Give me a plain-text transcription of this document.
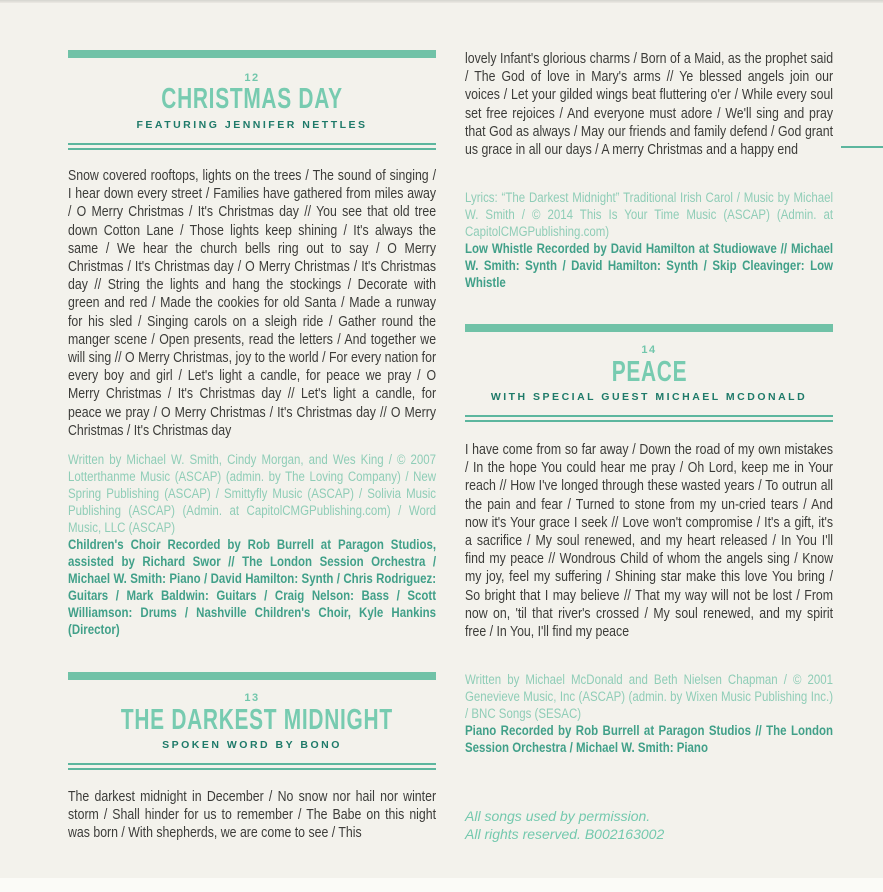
12
CHRISTMAS DAY
FEATURING JENNIFER NETTLES
Snow covered rooftops, lights on the trees / The sound of singing / I hear down every street / Families have gathered from miles away / O Merry Christmas / It's Christmas day // You see that old tree down Cotton Lane / Those lights keep shining / It's always the same / We hear the church bells ring out to say / O Merry Christmas / It's Christmas day / O Merry Christmas / It's Christmas day // String the lights and hang the stockings / Decorate with green and red / Made the cookies for old Santa / Made a runway for his sled / Singing carols on a sleigh ride / Gather round the manger scene / Open presents, read the letters / And together we will sing // O Merry Christmas, joy to the world / For every nation for every boy and girl / Let's light a candle, for peace we pray / O Merry Christmas / It's Christmas day // Let's light a candle, for peace we pray / O Merry Christmas / It's Christmas day // O Merry Christmas / It's Christmas day
Written by Michael W. Smith, Cindy Morgan, and Wes King / © 2007 Lotterthanme Music (ASCAP) (admin. by The Loving Company) / New Spring Publishing (ASCAP) / Smittyfly Music (ASCAP) / Solivia Music Publishing (ASCAP) (Admin. at CapitolCMGPublishing.com) / Word Music, LLC (ASCAP)
Children's Choir Recorded by Rob Burrell at Paragon Studios, assisted by Richard Swor // The London Session Orchestra / Michael W. Smith: Piano / David Hamilton: Synth / Chris Rodriguez: Guitars / Mark Baldwin: Guitars / Craig Nelson: Bass / Scott Williamson: Drums / Nashville Children's Choir, Kyle Hankins (Director)
13
THE DARKEST MIDNIGHT
SPOKEN WORD BY BONO
The darkest midnight in December / No snow nor hail nor winter storm / Shall hinder for us to remember / The Babe on this night was born / With shepherds, we are come to see / This
lovely Infant's glorious charms / Born of a Maid, as the prophet said / The God of love in Mary's arms // Ye blessed angels join our voices / Let your gilded wings beat fluttering o'er / While every soul set free rejoices / And everyone must adore / We'll sing and pray that God as always / May our friends and family defend / God grant us grace in all our days / A merry Christmas and a happy end
Lyrics: “The Darkest Midnight” Traditional Irish Carol / Music by Michael W. Smith / © 2014 This Is Your Time Music (ASCAP) (Admin. at CapitolCMGPublishing.com)
Low Whistle Recorded by David Hamilton at Studiowave // Michael W. Smith: Synth / David Hamilton: Synth / Skip Cleavinger: Low Whistle
14
PEACE
WITH SPECIAL GUEST MICHAEL MCDONALD
I have come from so far away / Down the road of my own mistakes / In the hope You could hear me pray / Oh Lord, keep me in Your reach // How I've longed through these wasted years / To outrun all the pain and fear / Turned to stone from my un-cried tears / And now it's Your grace I seek // Love won't compromise / It's a gift, it's a sacrifice / My soul renewed, and my heart released / In You I'll find my peace // Wondrous Child of whom the angels sing / Know my joy, feel my suffering / Shining star make this love You bring / So bright that I may believe // That my way will not be lost / From now on, 'til that river's crossed / My soul renewed, and my spirit free / In You, I'll find my peace
Written by Michael McDonald and Beth Nielsen Chapman / © 2001 Genevieve Music, Inc (ASCAP) (admin. by Wixen Music Publishing Inc.) / BNC Songs (SESAC)
Piano Recorded by Rob Burrell at Paragon Studios // The London Session Orchestra / Michael W. Smith: Piano
All songs used by permission.
All rights reserved. B002163002
